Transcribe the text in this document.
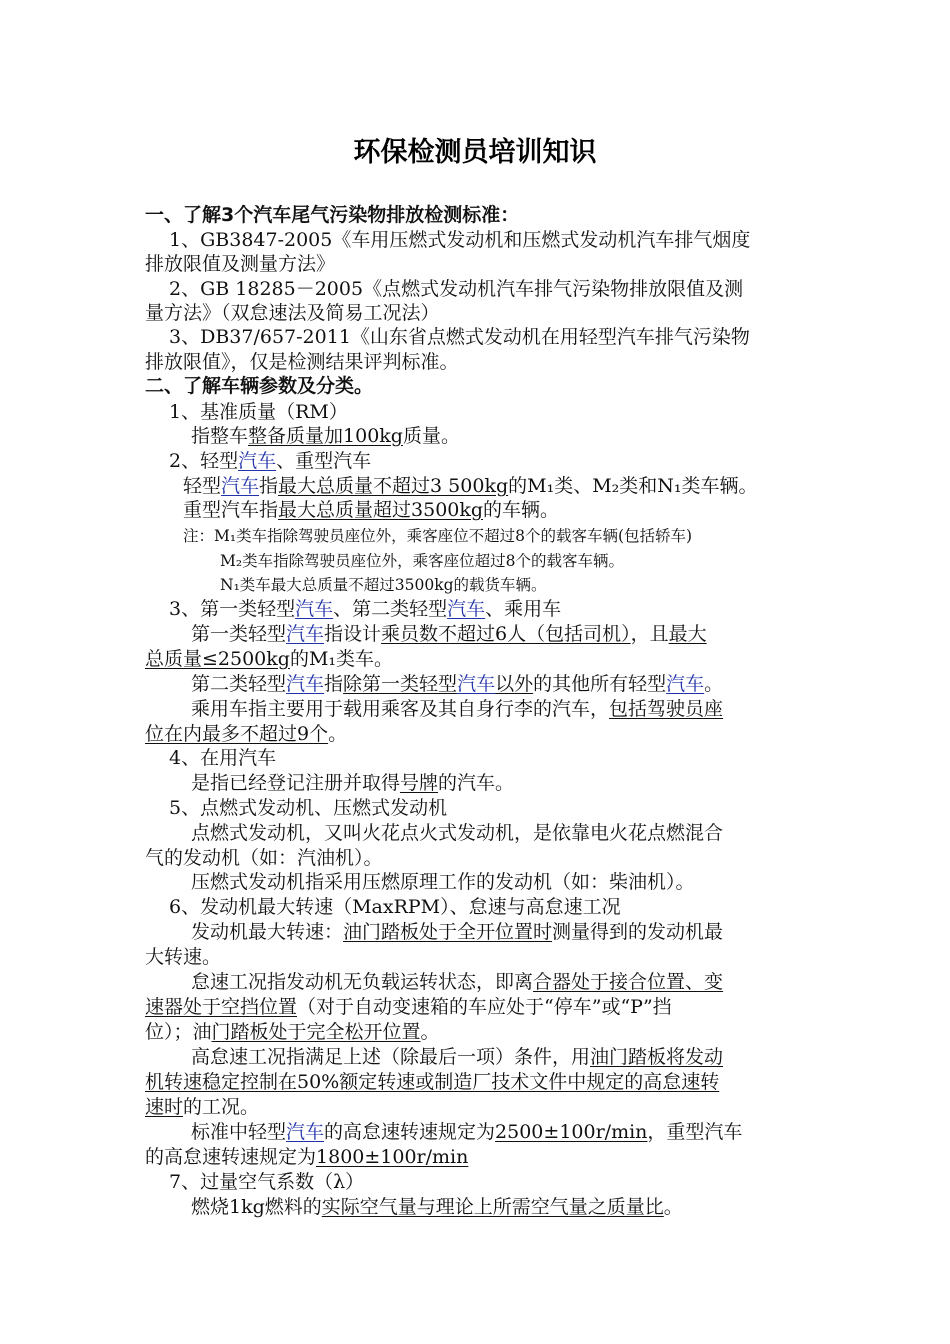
环保检测员培训知识
一、了解3个汽车尾气污染物排放检测标准：
1、GB3847-2005《车用压燃式发动机和压燃式发动机汽车排气烟度
排放限值及测量方法》
2、GB 18285－2005《点燃式发动机汽车排气污染物排放限值及测
量方法》（双怠速法及简易工况法）
3、DB37/657-2011《山东省点燃式发动机在用轻型汽车排气污染物
排放限值》，仅是检测结果评判标准。
二、了解车辆参数及分类。
1、基准质量（RM）
指整车整备质量加100kg质量。
2、轻型汽车、重型汽车
轻型汽车指最大总质量不超过3 500kg的M₁类、M₂类和N₁类车辆。
重型汽车指最大总质量超过3500kg的车辆。
注：M₁类车指除驾驶员座位外，乘客座位不超过8个的载客车辆(包括轿车)
M₂类车指除驾驶员座位外，乘客座位超过8个的载客车辆。
N₁类车最大总质量不超过3500kg的载货车辆。
3、第一类轻型汽车、第二类轻型汽车、乘用车
第一类轻型汽车指设计乘员数不超过6人（包括司机），且最大
总质量≤2500kg的M₁类车。
第二类轻型汽车指除第一类轻型汽车以外的其他所有轻型汽车。
乘用车指主要用于载用乘客及其自身行李的汽车，包括驾驶员座
位在内最多不超过9个。
4、在用汽车
是指已经登记注册并取得号牌的汽车。
5、点燃式发动机、压燃式发动机
点燃式发动机，又叫火花点火式发动机，是依靠电火花点燃混合
气的发动机（如：汽油机）。
压燃式发动机指采用压燃原理工作的发动机（如：柴油机）。
6、发动机最大转速（MaxRPM）、怠速与高怠速工况
发动机最大转速：油门踏板处于全开位置时测量得到的发动机最
大转速。
怠速工况指发动机无负载运转状态，即离合器处于接合位置、变
速器处于空挡位置（对于自动变速箱的车应处于“停车”或“P”挡
位）；油门踏板处于完全松开位置。
高怠速工况指满足上述（除最后一项）条件，用油门踏板将发动
机转速稳定控制在50%额定转速或制造厂技术文件中规定的高怠速转
速时的工况。
标准中轻型汽车的高怠速转速规定为2500±100r/min，重型汽车
的高怠速转速规定为1800±100r/min
7、过量空气系数（λ）
燃烧1kg燃料的实际空气量与理论上所需空气量之质量比。
